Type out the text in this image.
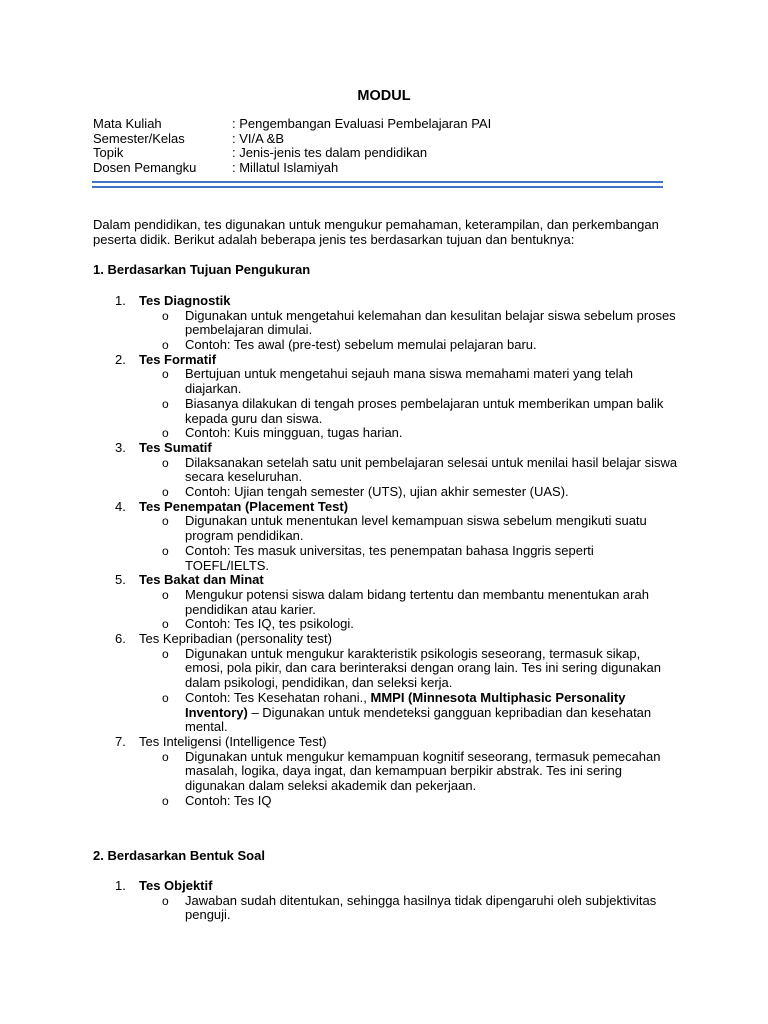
MODUL
Mata Kuliah	: Pengembangan Evaluasi Pembelajaran PAI
Semester/Kelas	: VI/A &B
Topik	: Jenis-jenis tes dalam pendidikan
Dosen Pemangku	: Millatul Islamiyah
Dalam pendidikan, tes digunakan untuk mengukur pemahaman, keterampilan, dan perkembangan
peserta didik. Berikut adalah beberapa jenis tes berdasarkan tujuan dan bentuknya:
1. Berdasarkan Tujuan Pengukuran
1.	Tes Diagnostik
o Digunakan untuk mengetahui kelemahan dan kesulitan belajar siswa sebelum proses
pembelajaran dimulai.
o Contoh: Tes awal (pre-test) sebelum memulai pelajaran baru.
2.	Tes Formatif
o Bertujuan untuk mengetahui sejauh mana siswa memahami materi yang telah
diajarkan.
o Biasanya dilakukan di tengah proses pembelajaran untuk memberikan umpan balik
kepada guru dan siswa.
o Contoh: Kuis mingguan, tugas harian.
3.	Tes Sumatif
o Dilaksanakan setelah satu unit pembelajaran selesai untuk menilai hasil belajar siswa
secara keseluruhan.
o Contoh: Ujian tengah semester (UTS), ujian akhir semester (UAS).
4.	Tes Penempatan (Placement Test)
o Digunakan untuk menentukan level kemampuan siswa sebelum mengikuti suatu
program pendidikan.
o Contoh: Tes masuk universitas, tes penempatan bahasa Inggris seperti
TOEFL/IELTS.
5.	Tes Bakat dan Minat
o Mengukur potensi siswa dalam bidang tertentu dan membantu menentukan arah
pendidikan atau karier.
o Contoh: Tes IQ, tes psikologi.
6.	Tes Kepribadian (personality test)
o Digunakan untuk mengukur karakteristik psikologis seseorang, termasuk sikap,
emosi, pola pikir, dan cara berinteraksi dengan orang lain. Tes ini sering digunakan
dalam psikologi, pendidikan, dan seleksi kerja.
o Contoh: Tes Kesehatan rohani., MMPI (Minnesota Multiphasic Personality
Inventory) – Digunakan untuk mendeteksi gangguan kepribadian dan kesehatan
mental.
7.	Tes Inteligensi (Intelligence Test)
o Digunakan untuk mengukur kemampuan kognitif seseorang, termasuk pemecahan
masalah, logika, daya ingat, dan kemampuan berpikir abstrak. Tes ini sering
digunakan dalam seleksi akademik dan pekerjaan.
o Contoh: Tes IQ
2. Berdasarkan Bentuk Soal
1.	Tes Objektif
o Jawaban sudah ditentukan, sehingga hasilnya tidak dipengaruhi oleh subjektivitas
penguji.
